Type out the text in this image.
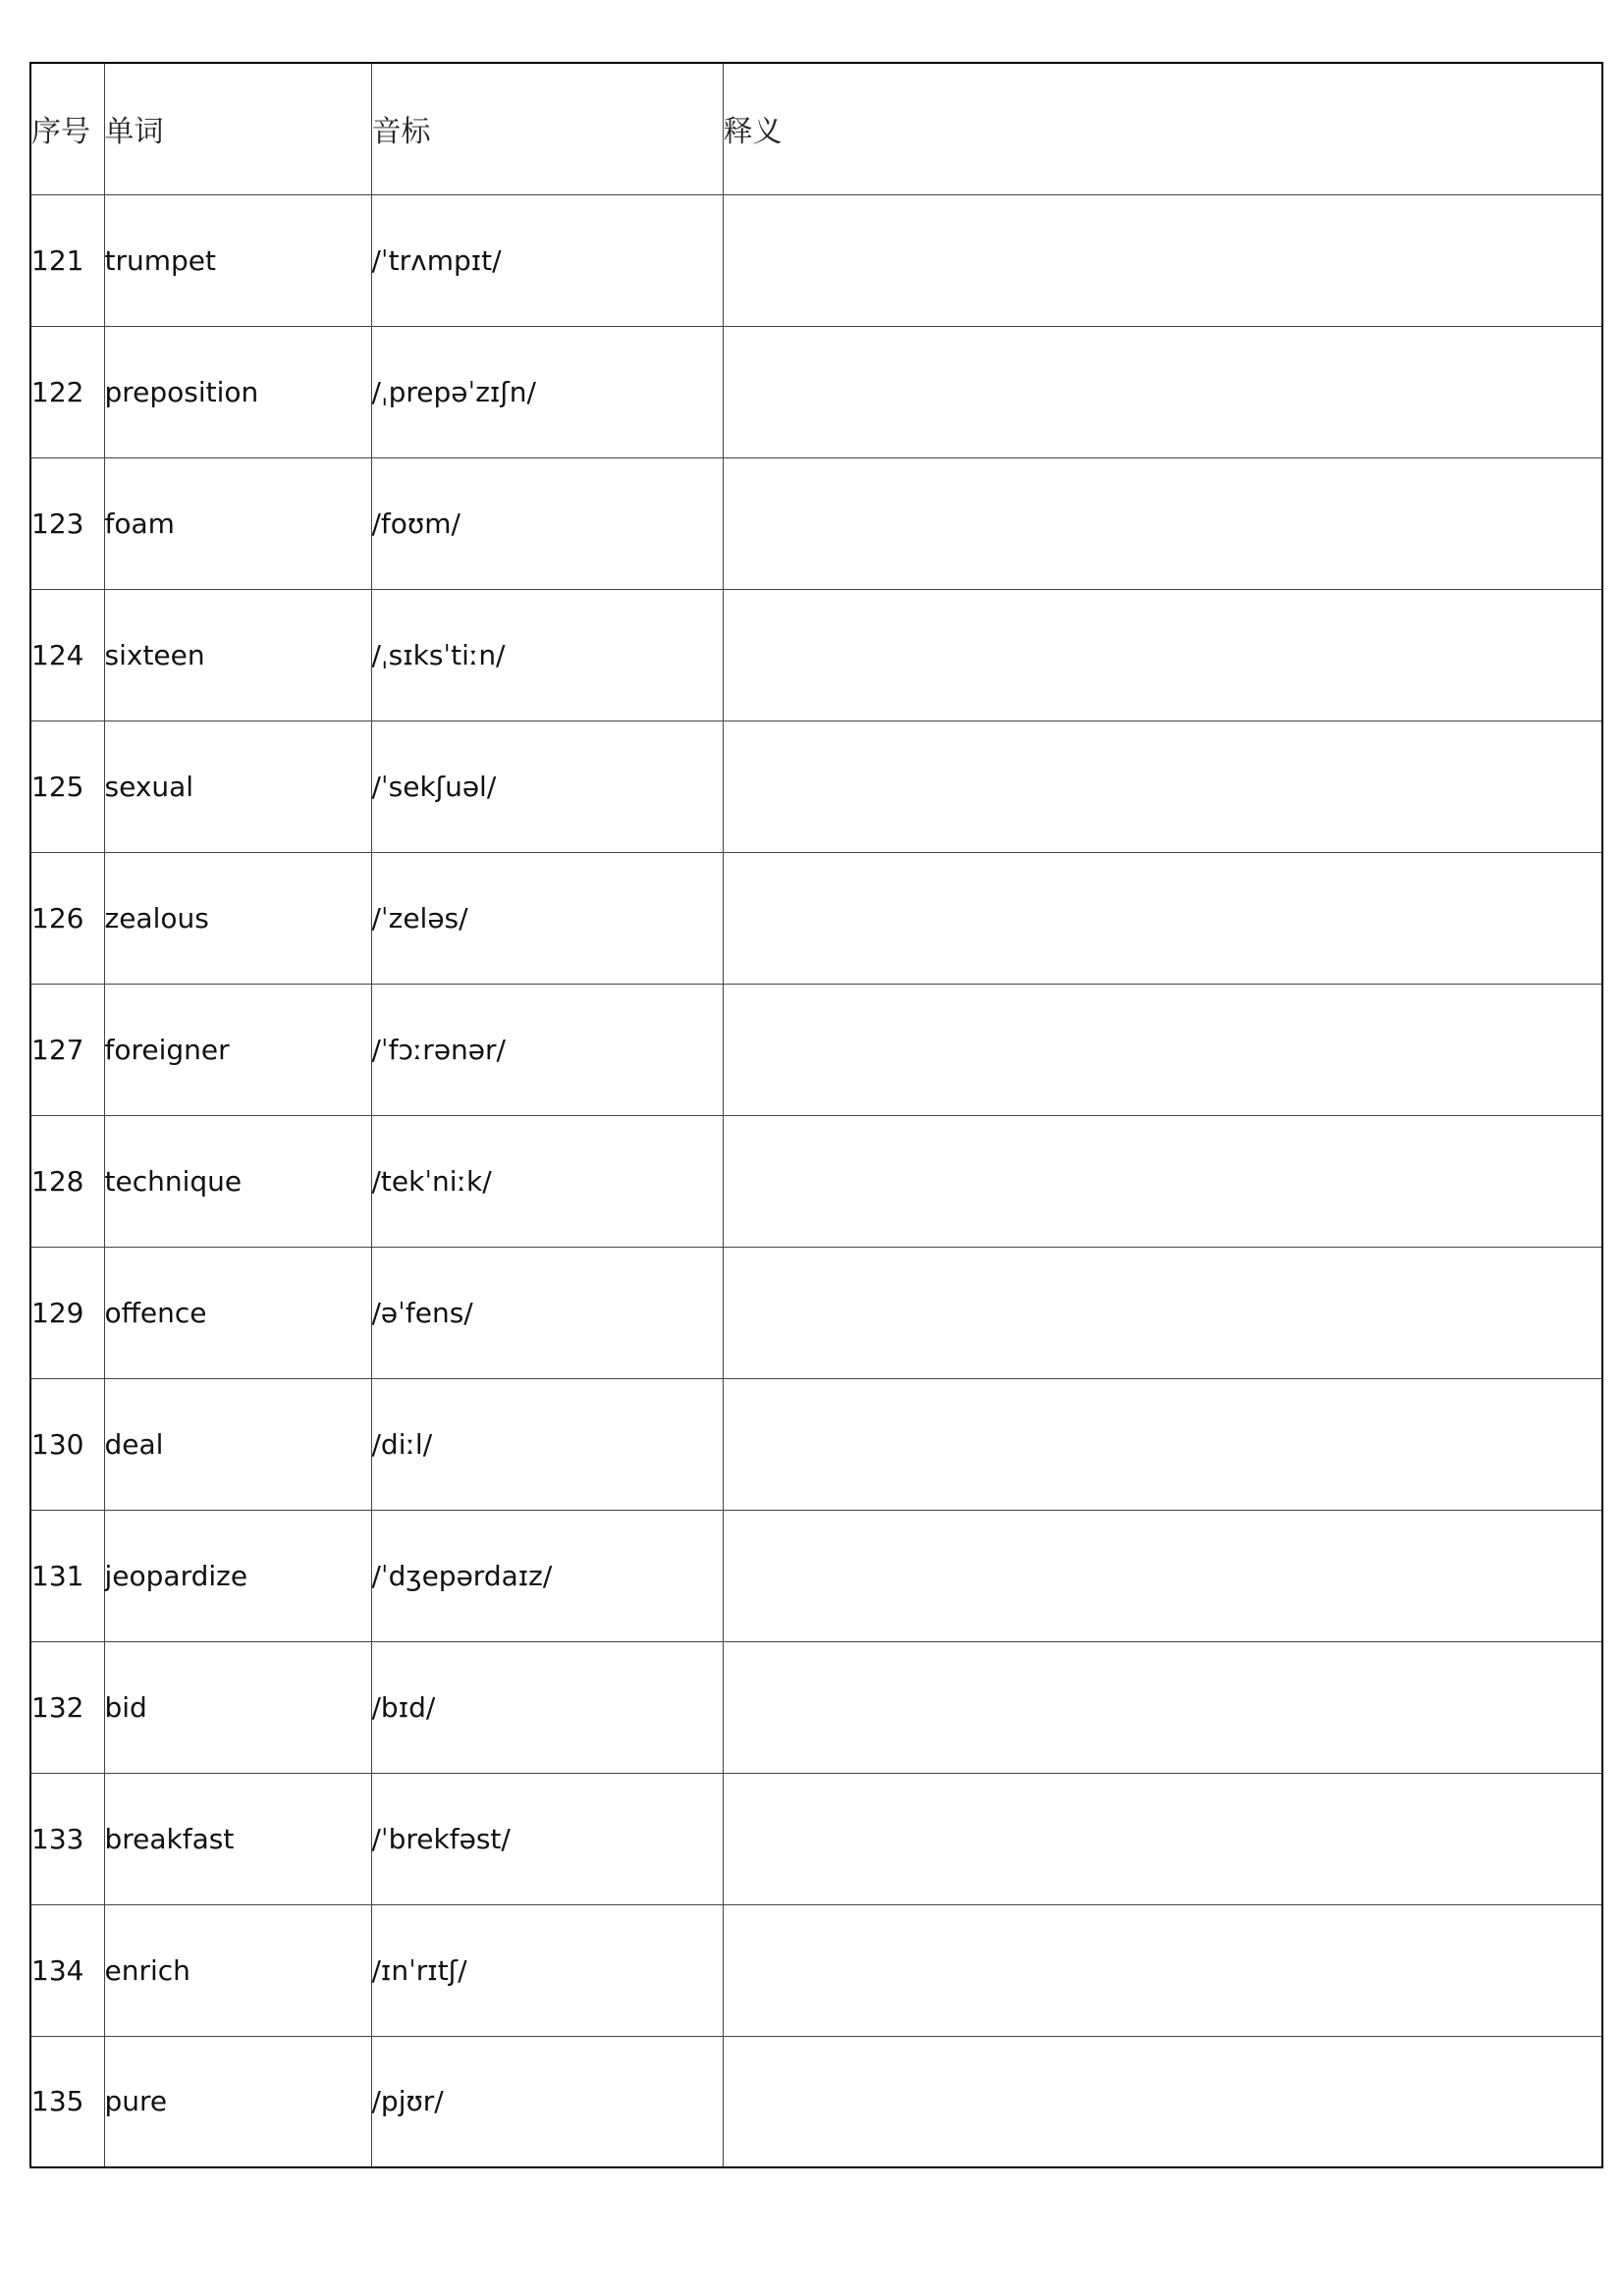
序号	单词	音标	释义
121	trumpet	/ˈtrʌmpɪt/	
122	preposition	/ˌprepəˈzɪʃn/	
123	foam	/foʊm/	
124	sixteen	/ˌsɪksˈtiːn/	
125	sexual	/ˈsekʃuəl/	
126	zealous	/ˈzeləs/	
127	foreigner	/ˈfɔːrənər/	
128	technique	/tekˈniːk/	
129	offence	/əˈfens/	
130	deal	/diːl/	
131	jeopardize	/ˈdʒepərdaɪz/	
132	bid	/bɪd/	
133	breakfast	/ˈbrekfəst/	
134	enrich	/ɪnˈrɪtʃ/	
135	pure	/pjʊr/	
